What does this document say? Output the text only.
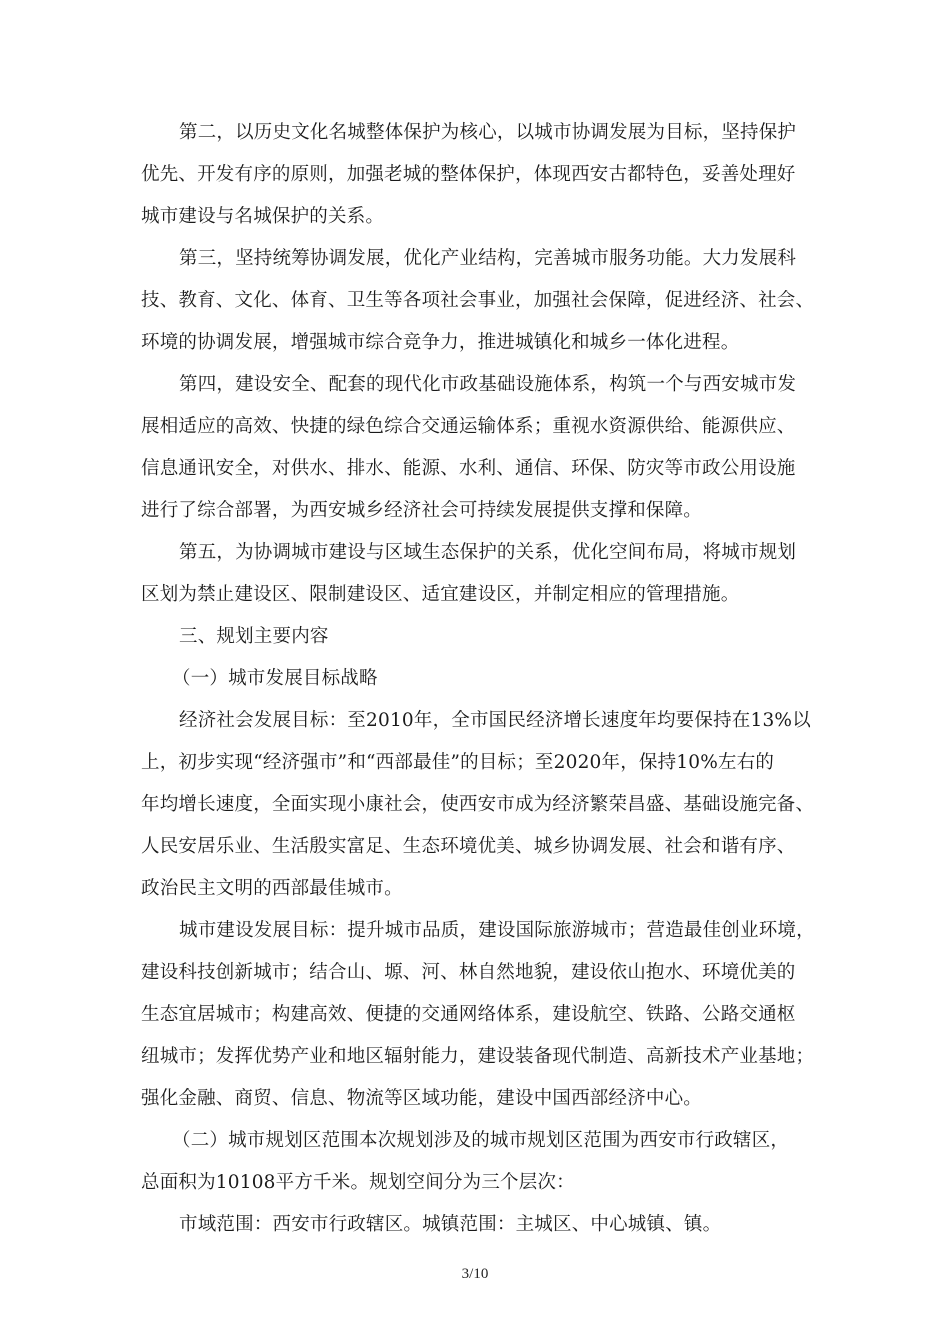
第二，以历史文化名城整体保护为核心，以城市协调发展为目标，坚持保护
优先、开发有序的原则，加强老城的整体保护，体现西安古都特色，妥善处理好
城市建设与名城保护的关系。
第三，坚持统筹协调发展，优化产业结构，完善城市服务功能。大力发展科
技、教育、文化、体育、卫生等各项社会事业，加强社会保障，促进经济、社会、
环境的协调发展，增强城市综合竞争力，推进城镇化和城乡一体化进程。
第四，建设安全、配套的现代化市政基础设施体系，构筑一个与西安城市发
展相适应的高效、快捷的绿色综合交通运输体系；重视水资源供给、能源供应、
信息通讯安全，对供水、排水、能源、水利、通信、环保、防灾等市政公用设施
进行了综合部署，为西安城乡经济社会可持续发展提供支撑和保障。
第五，为协调城市建设与区域生态保护的关系，优化空间布局，将城市规划
区划为禁止建设区、限制建设区、适宜建设区，并制定相应的管理措施。
三、规划主要内容
（一）城市发展目标战略
经济社会发展目标：至2010年，全市国民经济增长速度年均要保持在13%以
上，初步实现“经济强市”和“西部最佳”的目标；至2020年，保持10%左右的
年均增长速度，全面实现小康社会，使西安市成为经济繁荣昌盛、基础设施完备、
人民安居乐业、生活殷实富足、生态环境优美、城乡协调发展、社会和谐有序、
政治民主文明的西部最佳城市。
城市建设发展目标：提升城市品质，建设国际旅游城市；营造最佳创业环境，
建设科技创新城市；结合山、塬、河、林自然地貌，建设依山抱水、环境优美的
生态宜居城市；构建高效、便捷的交通网络体系，建设航空、铁路、公路交通枢
纽城市；发挥优势产业和地区辐射能力，建设装备现代制造、高新技术产业基地；
强化金融、商贸、信息、物流等区域功能，建设中国西部经济中心。
（二）城市规划区范围本次规划涉及的城市规划区范围为西安市行政辖区，
总面积为10108平方千米。规划空间分为三个层次：
市域范围：西安市行政辖区。城镇范围：主城区、中心城镇、镇。
3/10
